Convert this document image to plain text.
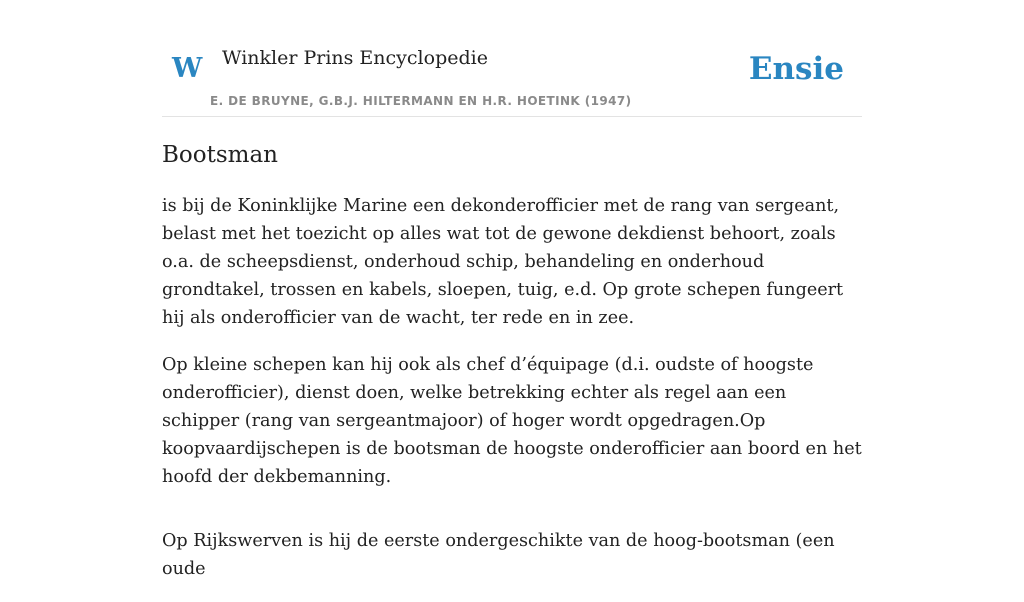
W Winkler Prins Encyclopedie
E. DE BRUYNE, G.B.J. HILTERMANN EN H.R. HOETINK (1947)
Ensie
Bootsman

is bij de Koninklijke Marine een dekonderofficier met de rang van sergeant, belast met het toezicht op alles wat tot de gewone dekdienst behoort, zoals o.a. de scheepsdienst, onderhoud schip, behandeling en onderhoud grondtakel, trossen en kabels, sloepen, tuig, e.d. Op grote schepen fungeert hij als onderofficier van de wacht, ter rede en in zee.

Op kleine schepen kan hij ook als chef d’équipage (d.i. oudste of hoogste onderofficier), dienst doen, welke betrekking echter als regel aan een schipper (rang van sergeantmajoor) of hoger wordt opgedragen.Op koopvaardijschepen is de bootsman de hoogste onderofficier aan boord en het hoofd der dekbemanning.

Op Rijkswerven is hij de eerste ondergeschikte van de hoog-bootsman (een oude
